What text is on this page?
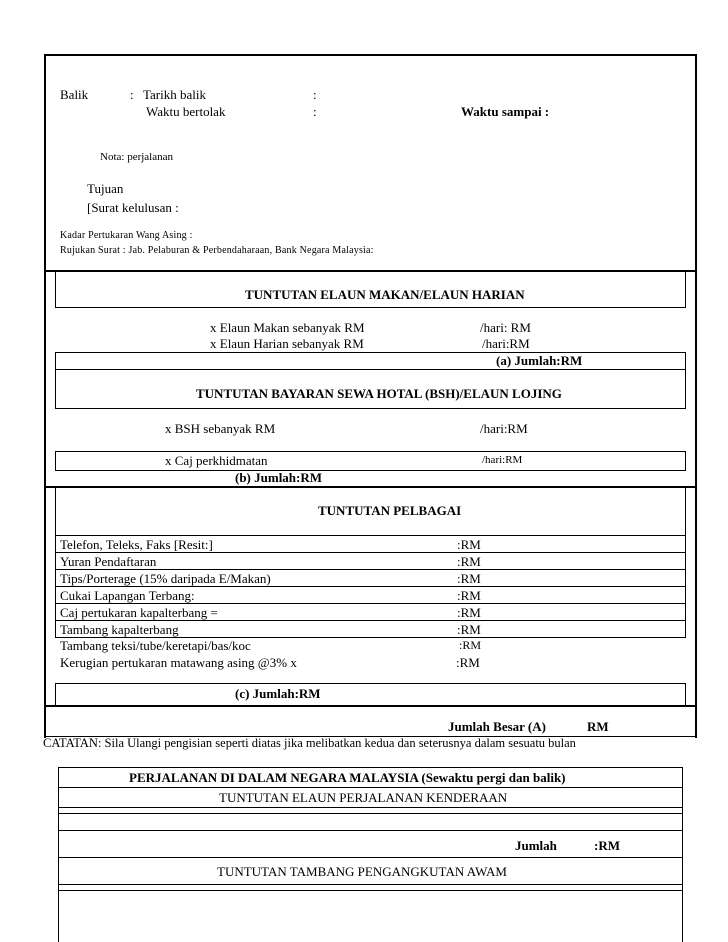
Balik	: Tarikh balik	:
Waktu bertolak	:	Waktu sampai :
Nota: perjalanan
Tujuan
[Surat kelulusan :
Kadar Pertukaran Wang Asing :
Rujukan Surat : Jab. Pelaburan & Perbendaharaan, Bank Negara Malaysia:
TUNTUTAN ELAUN MAKAN/ELAUN HARIAN
x Elaun Makan sebanyak RM	/hari: RM
x Elaun Harian sebanyak RM	/hari:RM
(a) Jumlah:RM
TUNTUTAN BAYARAN SEWA HOTAL (BSH)/ELAUN LOJING
x BSH sebanyak RM	/hari:RM
x Caj perkhidmatan	/hari:RM
(b) Jumlah:RM
TUNTUTAN PELBAGAI
Telefon, Teleks, Faks [Resit:]	:RM
Yuran Pendaftaran	:RM
Tips/Porterage (15% daripada E/Makan)	:RM
Cukai Lapangan Terbang:	:RM
Caj pertukaran kapalterbang =	:RM
Tambang kapalterbang	:RM
Tambang teksi/tube/keretapi/bas/koc	:RM
Kerugian pertukaran matawang asing @3% x	:RM
(c) Jumlah:RM
Jumlah Besar (A)	RM
CATATAN: Sila Ulangi pengisian seperti diatas jika melibatkan kedua dan seterusnya dalam sesuatu bulan
PERJALANAN DI DALAM NEGARA MALAYSIA (Sewaktu pergi dan balik)
TUNTUTAN ELAUN PERJALANAN KENDERAAN
Jumlah	:RM
TUNTUTAN TAMBANG PENGANGKUTAN AWAM
